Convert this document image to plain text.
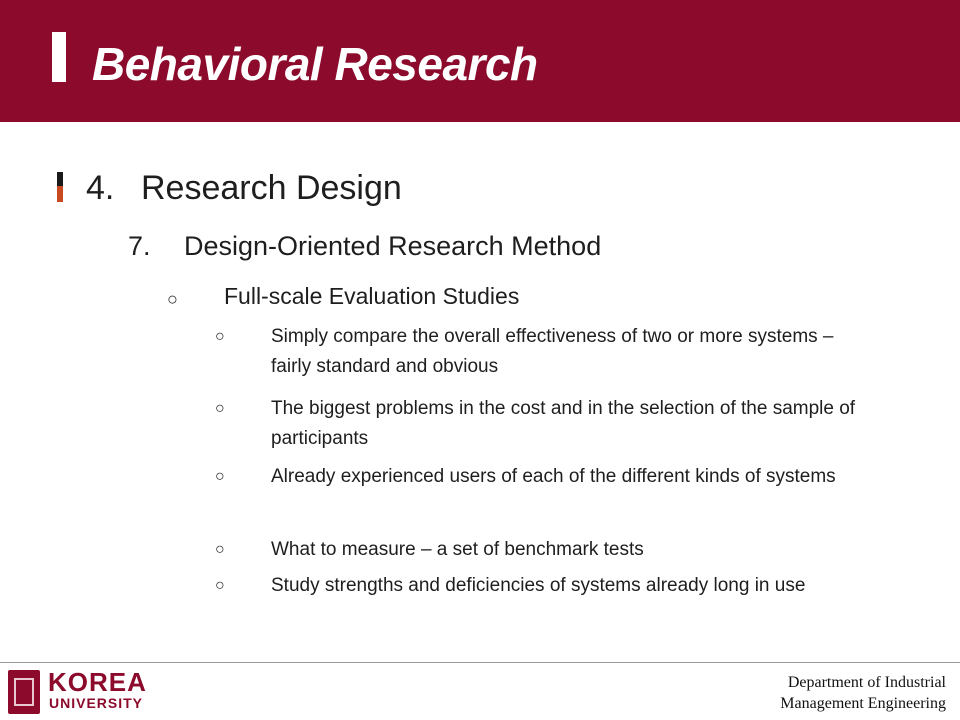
Behavioral Research
4. Research Design
7. Design-Oriented Research Method
○ Full-scale Evaluation Studies
○ Simply compare the overall effectiveness of two or more systems – fairly standard and obvious
○ The biggest problems in the cost and in the selection of the sample of participants
○ Already experienced users of each of the different kinds of systems
○ What to measure – a set of benchmark tests
○ Study strengths and deficiencies of systems already long in use
KOREA
UNIVERSITY
Department of Industrial
Management Engineering
